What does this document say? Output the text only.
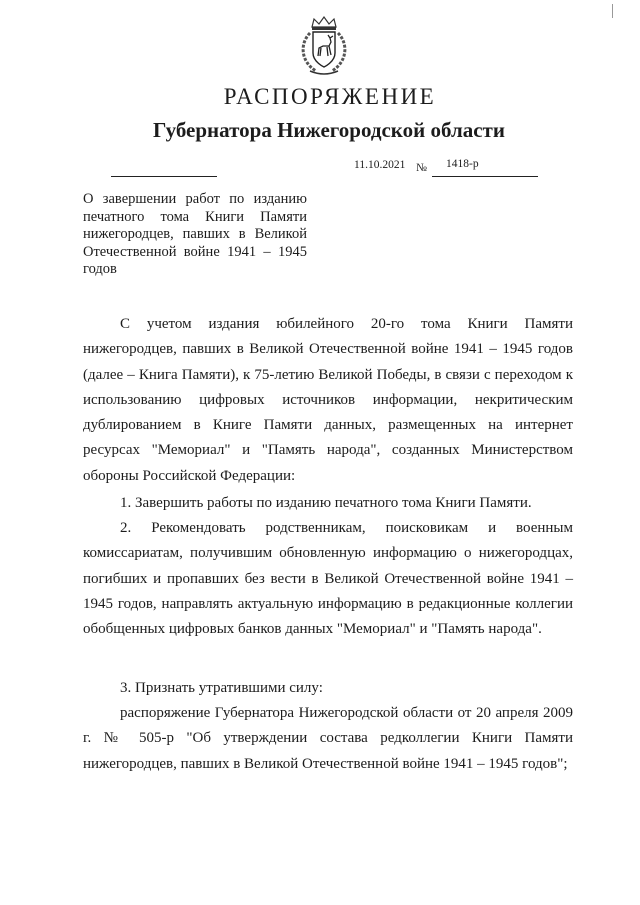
РАСПОРЯЖЕНИЕ
Губернатора Нижегородской области
11.10.2021 № 1418-р
О завершении работ по изданию
печатного тома Книги Памяти
нижегородцев, павших в Великой
Отечественной войне 1941 – 1945
годов
С учетом издания юбилейного 20-го тома Книги Памяти нижегородцев, павших в Великой Отечественной войне 1941 – 1945 годов (далее – Книга Памяти), к 75-летию Великой Победы, в связи с переходом к использованию цифровых источников информации, некритическим дублированием в Книге Памяти данных, размещенных на интернет ресурсах "Мемориал" и "Память народа", созданных Министерством обороны Российской Федерации:
1. Завершить работы по изданию печатного тома Книги Памяти.
2. Рекомендовать родственникам, поисковикам и военным комиссариатам, получившим обновленную информацию о нижегородцах, погибших и пропавших без вести в Великой Отечественной войне 1941 – 1945 годов, направлять актуальную информацию в редакционные коллегии обобщенных цифровых банков данных "Мемориал" и "Память народа".
3. Признать утратившими силу:
распоряжение Губернатора Нижегородской области от 20 апреля 2009 г. № 505-р "Об утверждении состава редколлегии Книги Памяти нижегородцев, павших в Великой Отечественной войне 1941 – 1945 годов";
